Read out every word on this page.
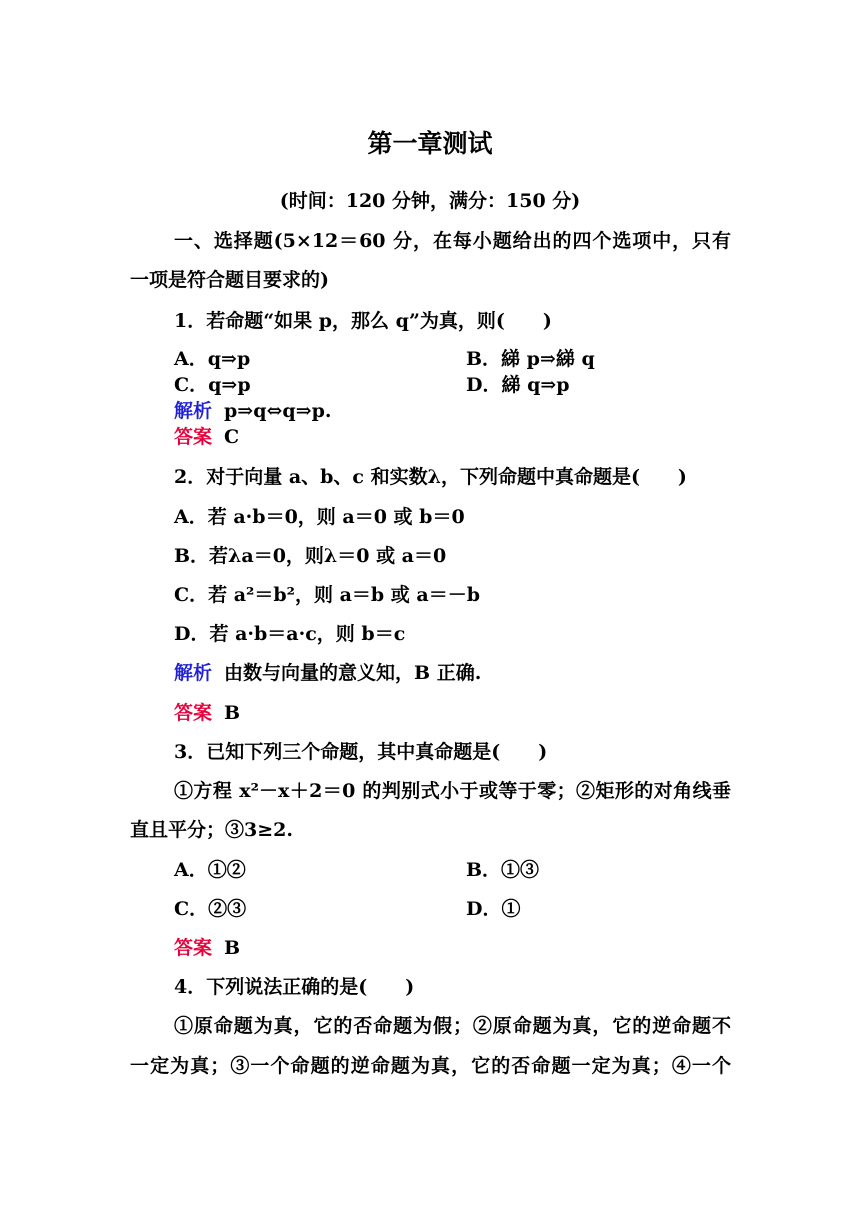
第一章测试
(时间：120 分钟，满分：150 分)
一、选择题(5×12＝60 分，在每小题给出的四个选项中，只有
一项是符合题目要求的)
1．若命题“如果 p，那么 q”为真，则(　　)
A．q⇒p	B．綈 p⇒綈 q
C．q⇒p	D．綈 q⇒p
解析 p⇒q⇔q⇒p.
答案 C
2．对于向量 a、b、c 和实数λ，下列命题中真命题是(　　)
A．若 a·b＝0，则 a＝0 或 b＝0
B．若λa＝0，则λ＝0 或 a＝0
C．若 a²＝b²，则 a＝b 或 a＝－b
D．若 a·b＝a·c，则 b＝c
解析 由数与向量的意义知，B 正确.
答案 B
3．已知下列三个命题，其中真命题是(　　)
①方程 x²－x＋2＝0 的判别式小于或等于零；②矩形的对角线垂
直且平分；③3≥2.
A．①②	B．①③
C．②③	D．①
答案 B
4．下列说法正确的是(　　)
①原命题为真，它的否命题为假；②原命题为真，它的逆命题不
一定为真；③一个命题的逆命题为真，它的否命题一定为真；④一个
